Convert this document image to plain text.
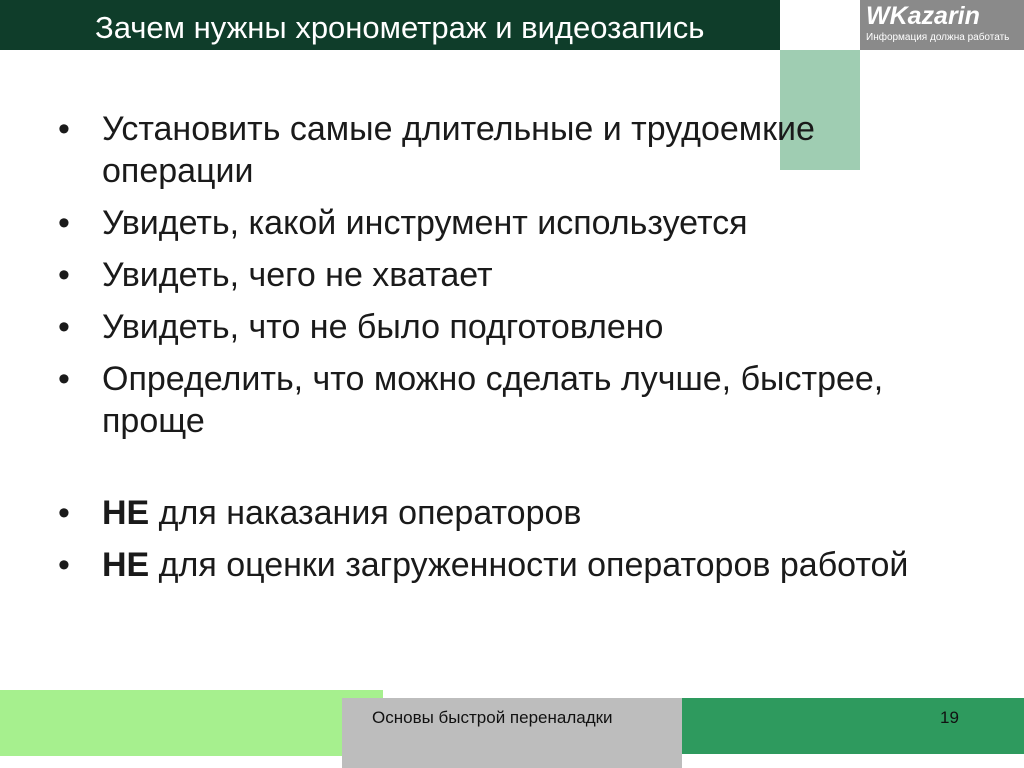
Зачем нужны хронометраж и видеозапись	WKazarin
Информация должна работать
• Установить самые длительные и трудоемкие операции
• Увидеть, какой инструмент используется
• Увидеть, чего не хватает
• Увидеть, что не было подготовлено
• Определить, что можно сделать лучше, быстрее, проще
• НЕ для наказания операторов
• НЕ для оценки загруженности операторов работой
Основы быстрой переналадки	19
